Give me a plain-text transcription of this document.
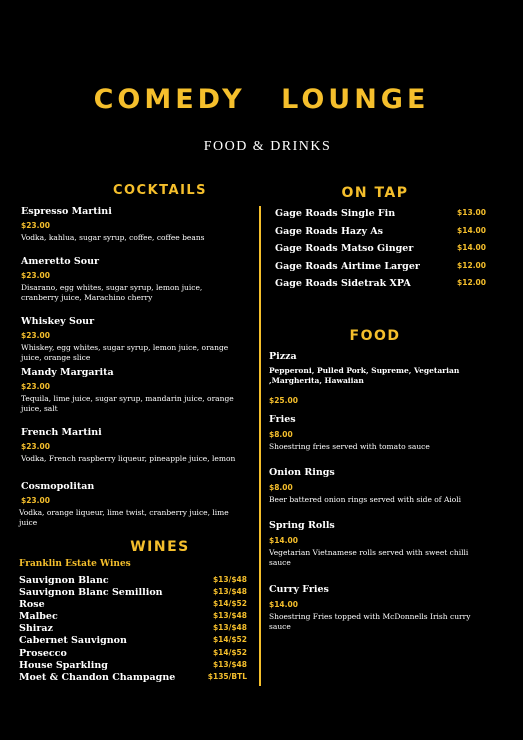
COMEDY LOUNGE
FOOD & DRINKS
COCKTAILS
Espresso Martini
$23.00
Vodka, kahlua, sugar syrup, coffee, coffee beans
Ameretto Sour
$23.00
Disarano, egg whites, sugar syrup, lemon juice, cranberry juice, Marachino cherry
Whiskey Sour
$23.00
Whiskey, egg whites, sugar syrup, lemon juice, orange juice, orange slice
Mandy Margarita
$23.00
Tequila, lime juice, sugar syrup, mandarin juice, orange juice, salt
French Martini
$23.00
Vodka, French raspberry liqueur, pineapple juice, lemon
Cosmopolitan
$23.00
Vodka, orange liqueur, lime twist, cranberry juice, lime juice
WINES
Franklin Estate Wines
Sauvignon Blanc	$13/$48
Sauvignon Blanc Semillion	$13/$48
Rose	$14/$52
Malbec	$13/$48
Shiraz	$13/$48
Cabernet Sauvignon	$14/$52
Prosecco	$14/$52
House Sparkling	$13/$48
Moet & Chandon Champagne	$135/BTL
ON TAP
Gage Roads Single Fin	$13.00
Gage Roads Hazy As	$14.00
Gage Roads Matso Ginger	$14.00
Gage Roads Airtime Larger	$12.00
Gage Roads Sidetrak XPA	$12.00
FOOD
Pizza
Pepperoni, Pulled Pork, Supreme, Vegetarian ,Margherita, Hawaiian
$25.00
Fries
$8.00
Shoestring fries served with tomato sauce
Onion Rings
$8.00
Beer battered onion rings served with side of Aioli
Spring Rolls
$14.00
Vegetarian Vietnamese rolls served with sweet chilli sauce
Curry Fries
$14.00
Shoestring Fries topped with McDonnells Irish curry sauce
